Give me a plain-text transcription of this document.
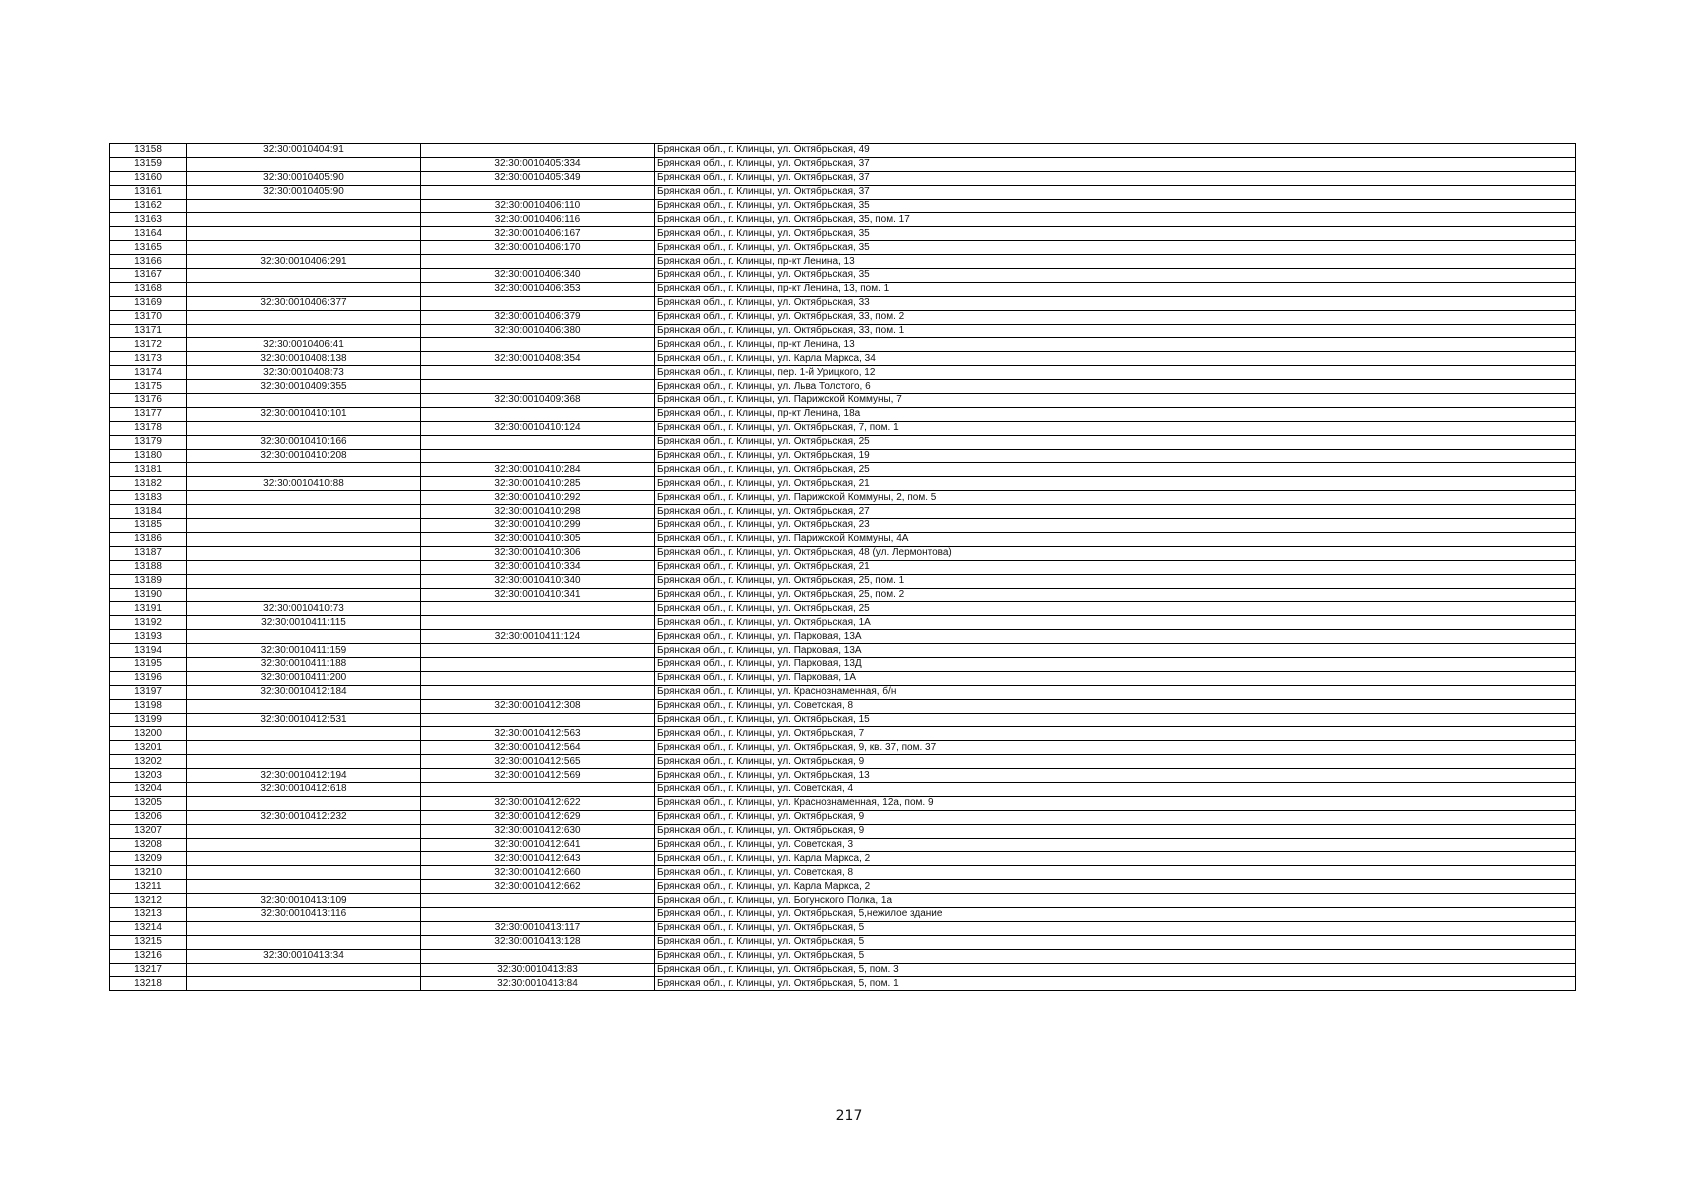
13158	32:30:0010404:91		Брянская обл., г. Клинцы, ул. Октябрьская, 49
13159		32:30:0010405:334	Брянская обл., г. Клинцы, ул. Октябрьская, 37
13160	32:30:0010405:90	32:30:0010405:349	Брянская обл., г. Клинцы, ул. Октябрьская, 37
13161	32:30:0010405:90		Брянская обл., г. Клинцы, ул. Октябрьская, 37
13162		32:30:0010406:110	Брянская обл., г. Клинцы, ул. Октябрьская, 35
13163		32:30:0010406:116	Брянская обл., г. Клинцы, ул. Октябрьская, 35, пом. 17
13164		32:30:0010406:167	Брянская обл., г. Клинцы, ул. Октябрьская, 35
13165		32:30:0010406:170	Брянская обл., г. Клинцы, ул. Октябрьская, 35
13166	32:30:0010406:291		Брянская обл., г. Клинцы, пр-кт Ленина, 13
13167		32:30:0010406:340	Брянская обл., г. Клинцы, ул. Октябрьская, 35
13168		32:30:0010406:353	Брянская обл., г. Клинцы, пр-кт Ленина, 13, пом. 1
13169	32:30:0010406:377		Брянская обл., г. Клинцы, ул. Октябрьская, 33
13170		32:30:0010406:379	Брянская обл., г. Клинцы, ул. Октябрьская, 33, пом. 2
13171		32:30:0010406:380	Брянская обл., г. Клинцы, ул. Октябрьская, 33, пом. 1
13172	32:30:0010406:41		Брянская обл., г. Клинцы, пр-кт Ленина, 13
13173	32:30:0010408:138	32:30:0010408:354	Брянская обл., г. Клинцы, ул. Карла Маркса, 34
13174	32:30:0010408:73		Брянская обл., г. Клинцы, пер. 1-й Урицкого, 12
13175	32:30:0010409:355		Брянская обл., г. Клинцы, ул. Льва Толстого, 6
13176		32:30:0010409:368	Брянская обл., г. Клинцы, ул. Парижской Коммуны, 7
13177	32:30:0010410:101		Брянская обл., г. Клинцы, пр-кт Ленина, 18а
13178		32:30:0010410:124	Брянская обл., г. Клинцы, ул. Октябрьская, 7, пом. 1
13179	32:30:0010410:166		Брянская обл., г. Клинцы, ул. Октябрьская, 25
13180	32:30:0010410:208		Брянская обл., г. Клинцы, ул. Октябрьская, 19
13181		32:30:0010410:284	Брянская обл., г. Клинцы, ул. Октябрьская, 25
13182	32:30:0010410:88	32:30:0010410:285	Брянская обл., г. Клинцы, ул. Октябрьская, 21
13183		32:30:0010410:292	Брянская обл., г. Клинцы, ул. Парижской Коммуны, 2, пом. 5
13184		32:30:0010410:298	Брянская обл., г. Клинцы, ул. Октябрьская, 27
13185		32:30:0010410:299	Брянская обл., г. Клинцы, ул. Октябрьская, 23
13186		32:30:0010410:305	Брянская обл., г. Клинцы, ул. Парижской Коммуны, 4А
13187		32:30:0010410:306	Брянская обл., г. Клинцы, ул. Октябрьская, 48 (ул. Лермонтова)
13188		32:30:0010410:334	Брянская обл., г. Клинцы, ул. Октябрьская, 21
13189		32:30:0010410:340	Брянская обл., г. Клинцы, ул. Октябрьская, 25, пом. 1
13190		32:30:0010410:341	Брянская обл., г. Клинцы, ул. Октябрьская, 25, пом. 2
13191	32:30:0010410:73		Брянская обл., г. Клинцы, ул. Октябрьская, 25
13192	32:30:0010411:115		Брянская обл., г. Клинцы, ул. Октябрьская, 1А
13193		32:30:0010411:124	Брянская обл., г. Клинцы, ул. Парковая, 13А
13194	32:30:0010411:159		Брянская обл., г. Клинцы, ул. Парковая, 13А
13195	32:30:0010411:188		Брянская обл., г. Клинцы, ул. Парковая, 13Д
13196	32:30:0010411:200		Брянская обл., г. Клинцы, ул. Парковая, 1А
13197	32:30:0010412:184		Брянская обл., г. Клинцы, ул. Краснознаменная, б/н
13198		32:30:0010412:308	Брянская обл., г. Клинцы, ул. Советская, 8
13199	32:30:0010412:531		Брянская обл., г. Клинцы, ул. Октябрьская, 15
13200		32:30:0010412:563	Брянская обл., г. Клинцы, ул. Октябрьская, 7
13201		32:30:0010412:564	Брянская обл., г. Клинцы, ул. Октябрьская, 9, кв. 37, пом. 37
13202		32:30:0010412:565	Брянская обл., г. Клинцы, ул. Октябрьская, 9
13203	32:30:0010412:194	32:30:0010412:569	Брянская обл., г. Клинцы, ул. Октябрьская, 13
13204	32:30:0010412:618		Брянская обл., г. Клинцы, ул. Советская, 4
13205		32:30:0010412:622	Брянская обл., г. Клинцы, ул. Краснознаменная, 12а, пом. 9
13206	32:30:0010412:232	32:30:0010412:629	Брянская обл., г. Клинцы, ул. Октябрьская, 9
13207		32:30:0010412:630	Брянская обл., г. Клинцы, ул. Октябрьская, 9
13208		32:30:0010412:641	Брянская обл., г. Клинцы, ул. Советская, 3
13209		32:30:0010412:643	Брянская обл., г. Клинцы, ул. Карла Маркса, 2
13210		32:30:0010412:660	Брянская обл., г. Клинцы, ул. Советская, 8
13211		32:30:0010412:662	Брянская обл., г. Клинцы, ул. Карла Маркса, 2
13212	32:30:0010413:109		Брянская обл., г. Клинцы, ул. Богунского Полка, 1а
13213	32:30:0010413:116		Брянская обл., г. Клинцы, ул. Октябрьская, 5,нежилое здание
13214		32:30:0010413:117	Брянская обл., г. Клинцы, ул. Октябрьская, 5
13215		32:30:0010413:128	Брянская обл., г. Клинцы, ул. Октябрьская, 5
13216	32:30:0010413:34		Брянская обл., г. Клинцы, ул. Октябрьская, 5
13217		32:30:0010413:83	Брянская обл., г. Клинцы, ул. Октябрьская, 5, пом. 3
13218		32:30:0010413:84	Брянская обл., г. Клинцы, ул. Октябрьская, 5, пом. 1
217
